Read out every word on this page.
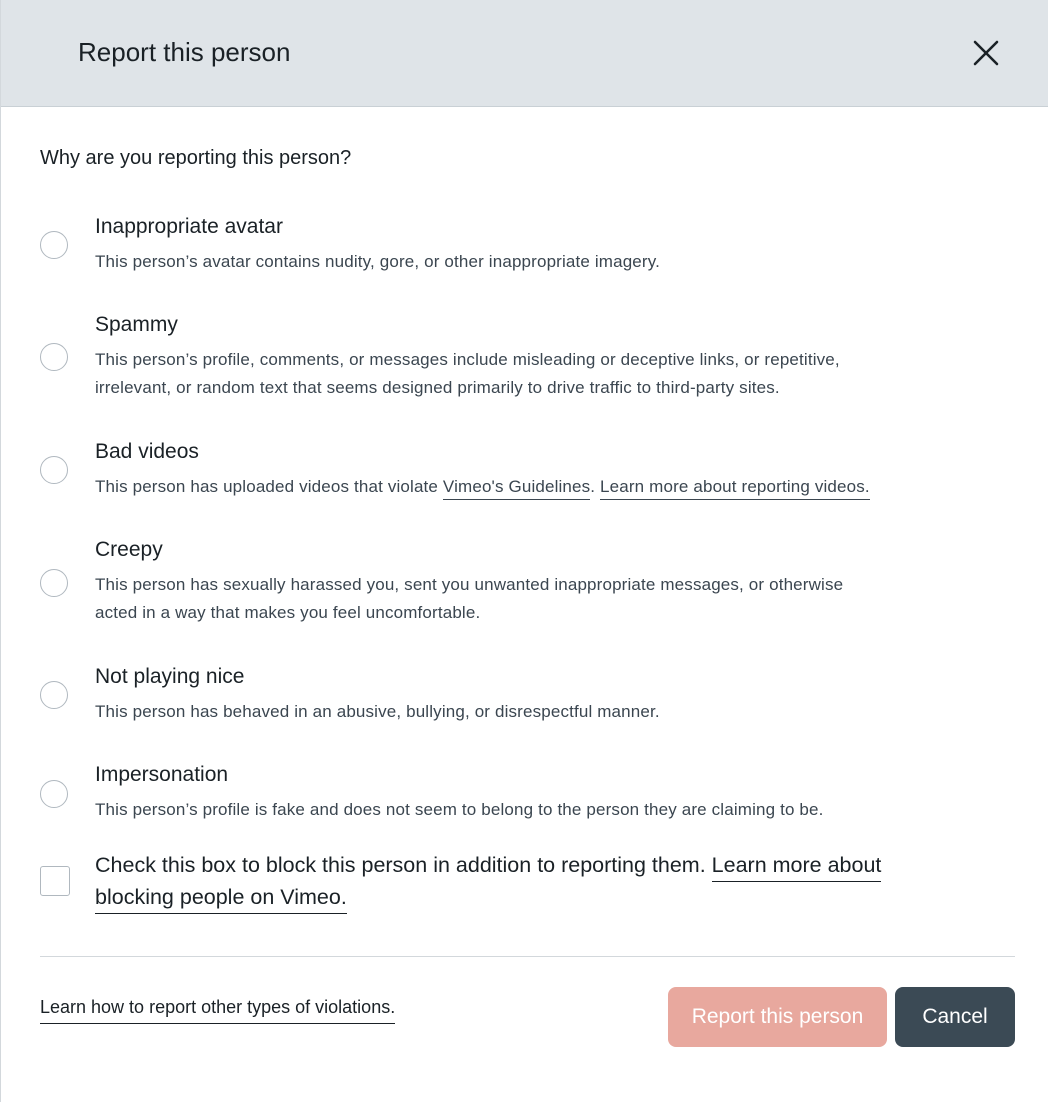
Report this person
Why are you reporting this person?
Inappropriate avatar
This person’s avatar contains nudity, gore, or other inappropriate imagery.
Spammy
This person’s profile, comments, or messages include misleading or deceptive links, or repetitive,
irrelevant, or random text that seems designed primarily to drive traffic to third-party sites.
Bad videos
This person has uploaded videos that violate Vimeo's Guidelines. Learn more about reporting videos.
Creepy
This person has sexually harassed you, sent you unwanted inappropriate messages, or otherwise
acted in a way that makes you feel uncomfortable.
Not playing nice
This person has behaved in an abusive, bullying, or disrespectful manner.
Impersonation
This person’s profile is fake and does not seem to belong to the person they are claiming to be.
Check this box to block this person in addition to reporting them. Learn more about
blocking people on Vimeo.
Learn how to report other types of violations.	Report this person	Cancel
